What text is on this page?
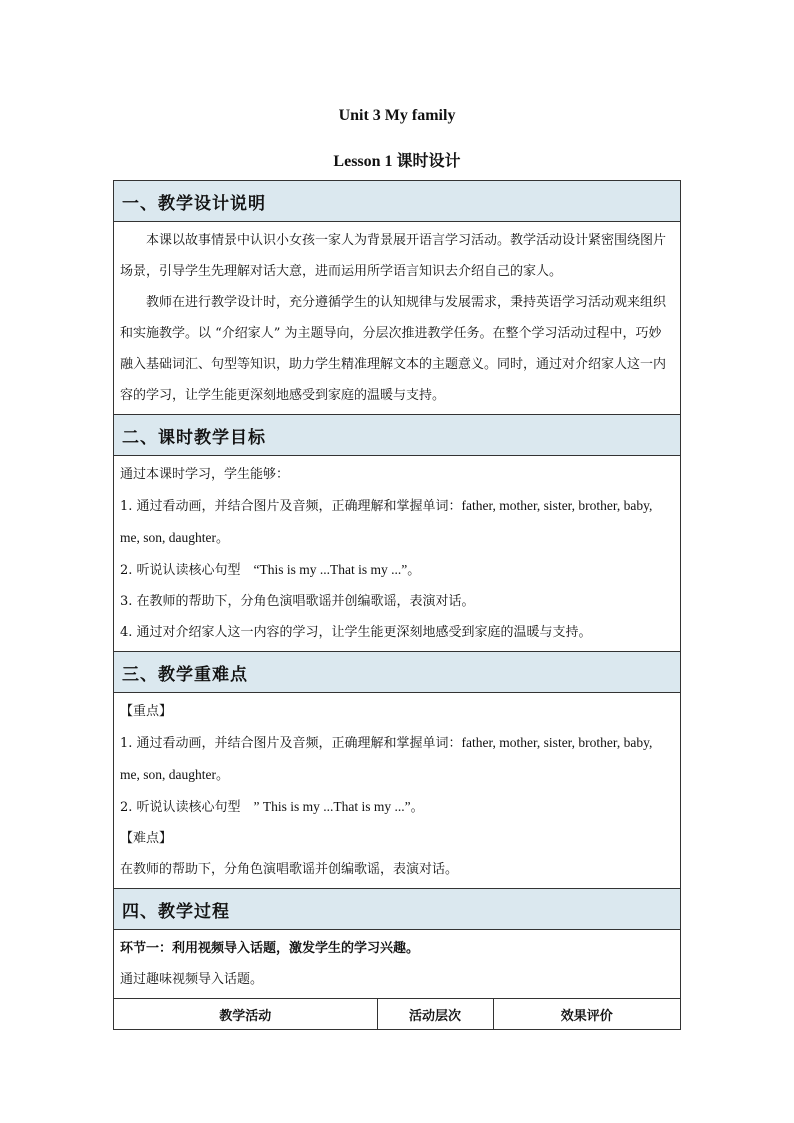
Unit 3 My family
Lesson 1 课时设计
一、教学设计说明

本课以故事情景中认识小女孩一家人为背景展开语言学习活动。教学活动设计紧密围绕图片场景，引导学生先理解对话大意，进而运用所学语言知识去介绍自己的家人。

教师在进行教学设计时，充分遵循学生的认知规律与发展需求，秉持英语学习活动观来组织和实施教学。以 “介绍家人” 为主题导向，分层次推进教学任务。在整个学习活动过程中，巧妙融入基础词汇、句型等知识，助力学生精准理解文本的主题意义。同时，通过对介绍家人这一内容的学习，让学生能更深刻地感受到家庭的温暖与支持。

二、课时教学目标

通过本课时学习，学生能够：

1. 通过看动画，并结合图片及音频，正确理解和掌握单词：father, mother, sister, brother, baby, me, son, daughter。

2. 听说认读核心句型　“This is my ...That is my ...”。

3. 在教师的帮助下，分角色演唱歌谣并创编歌谣，表演对话。

4. 通过对介绍家人这一内容的学习，让学生能更深刻地感受到家庭的温暖与支持。

三、教学重难点

【重点】

1. 通过看动画，并结合图片及音频，正确理解和掌握单词：father, mother, sister, brother, baby, me, son, daughter。

2. 听说认读核心句型　” This is my ...That is my ...”。

【难点】

在教师的帮助下，分角色演唱歌谣并创编歌谣，表演对话。

四、教学过程

环节一：利用视频导入话题，激发学生的学习兴趣。

通过趣味视频导入话题。

教学活动	活动层次	效果评价
